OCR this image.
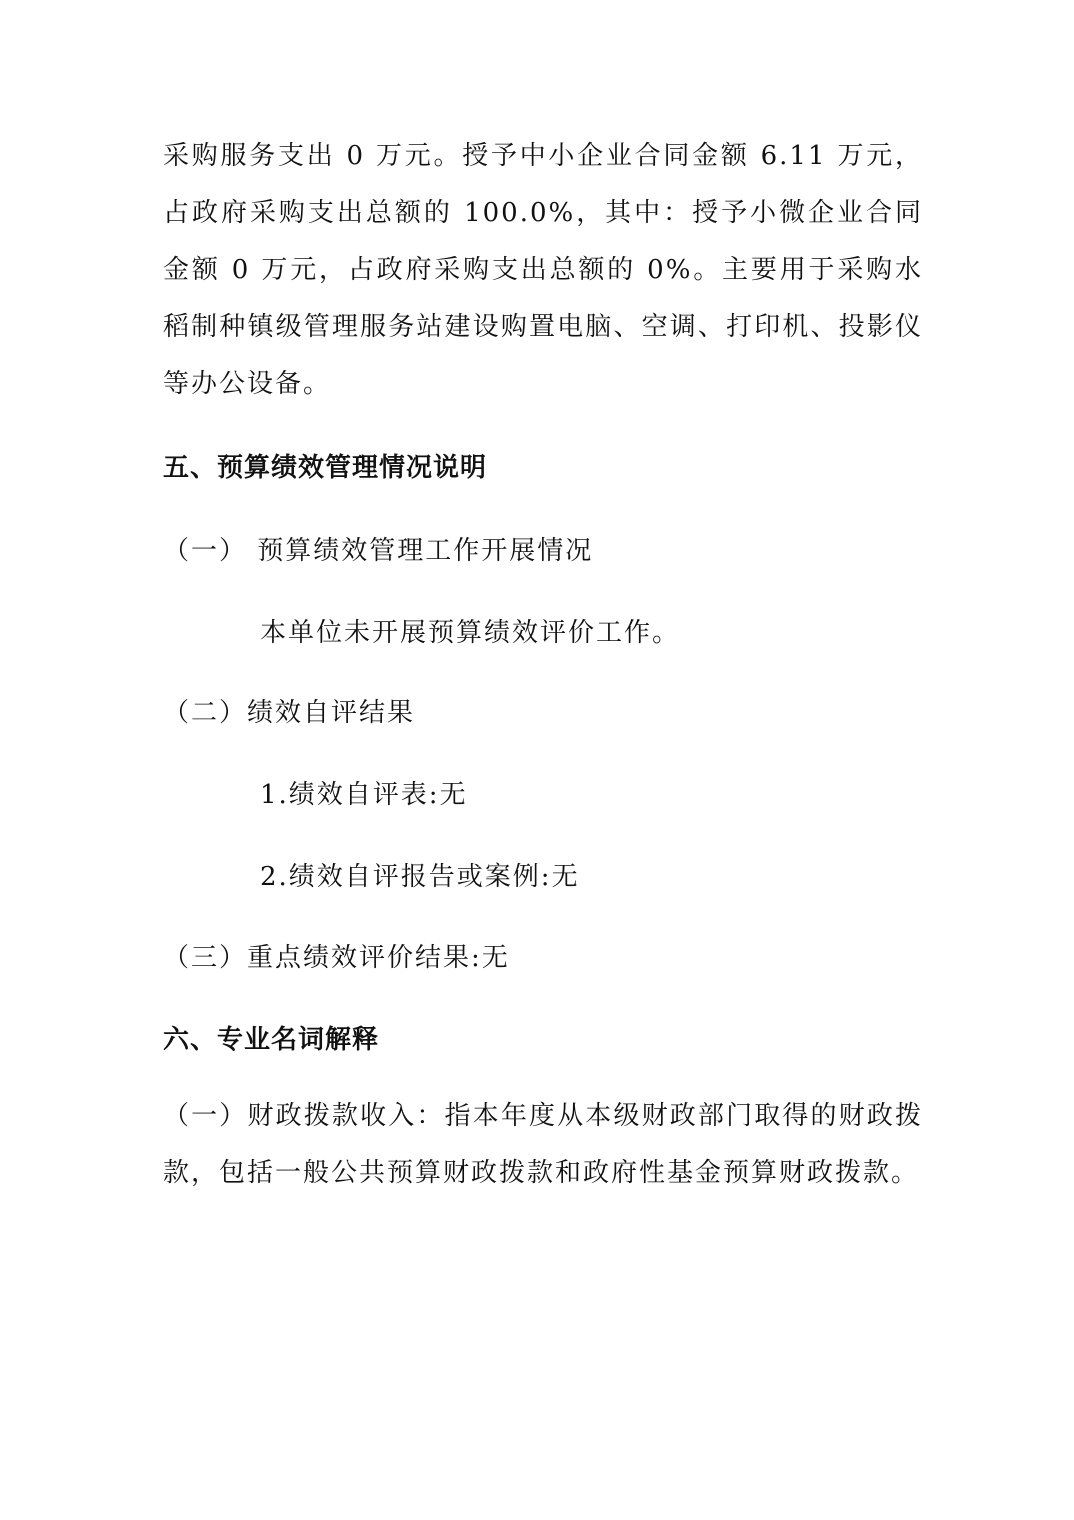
采购服务支出 0 万元。授予中小企业合同金额 6.11 万元，占政府采购支出总额的 100.0%，其中：授予小微企业合同金额 0 万元，占政府采购支出总额的 0%。主要用于采购水稻制种镇级管理服务站建设购置电脑、空调、打印机、投影仪等办公设备。

五、预算绩效管理情况说明

（一） 预算绩效管理工作开展情况

本单位未开展预算绩效评价工作。

（二）绩效自评结果

1.绩效自评表:无

2.绩效自评报告或案例:无

（三）重点绩效评价结果:无

六、专业名词解释

（一）财政拨款收入：指本年度从本级财政部门取得的财政拨款，包括一般公共预算财政拨款和政府性基金预算财政拨款。
